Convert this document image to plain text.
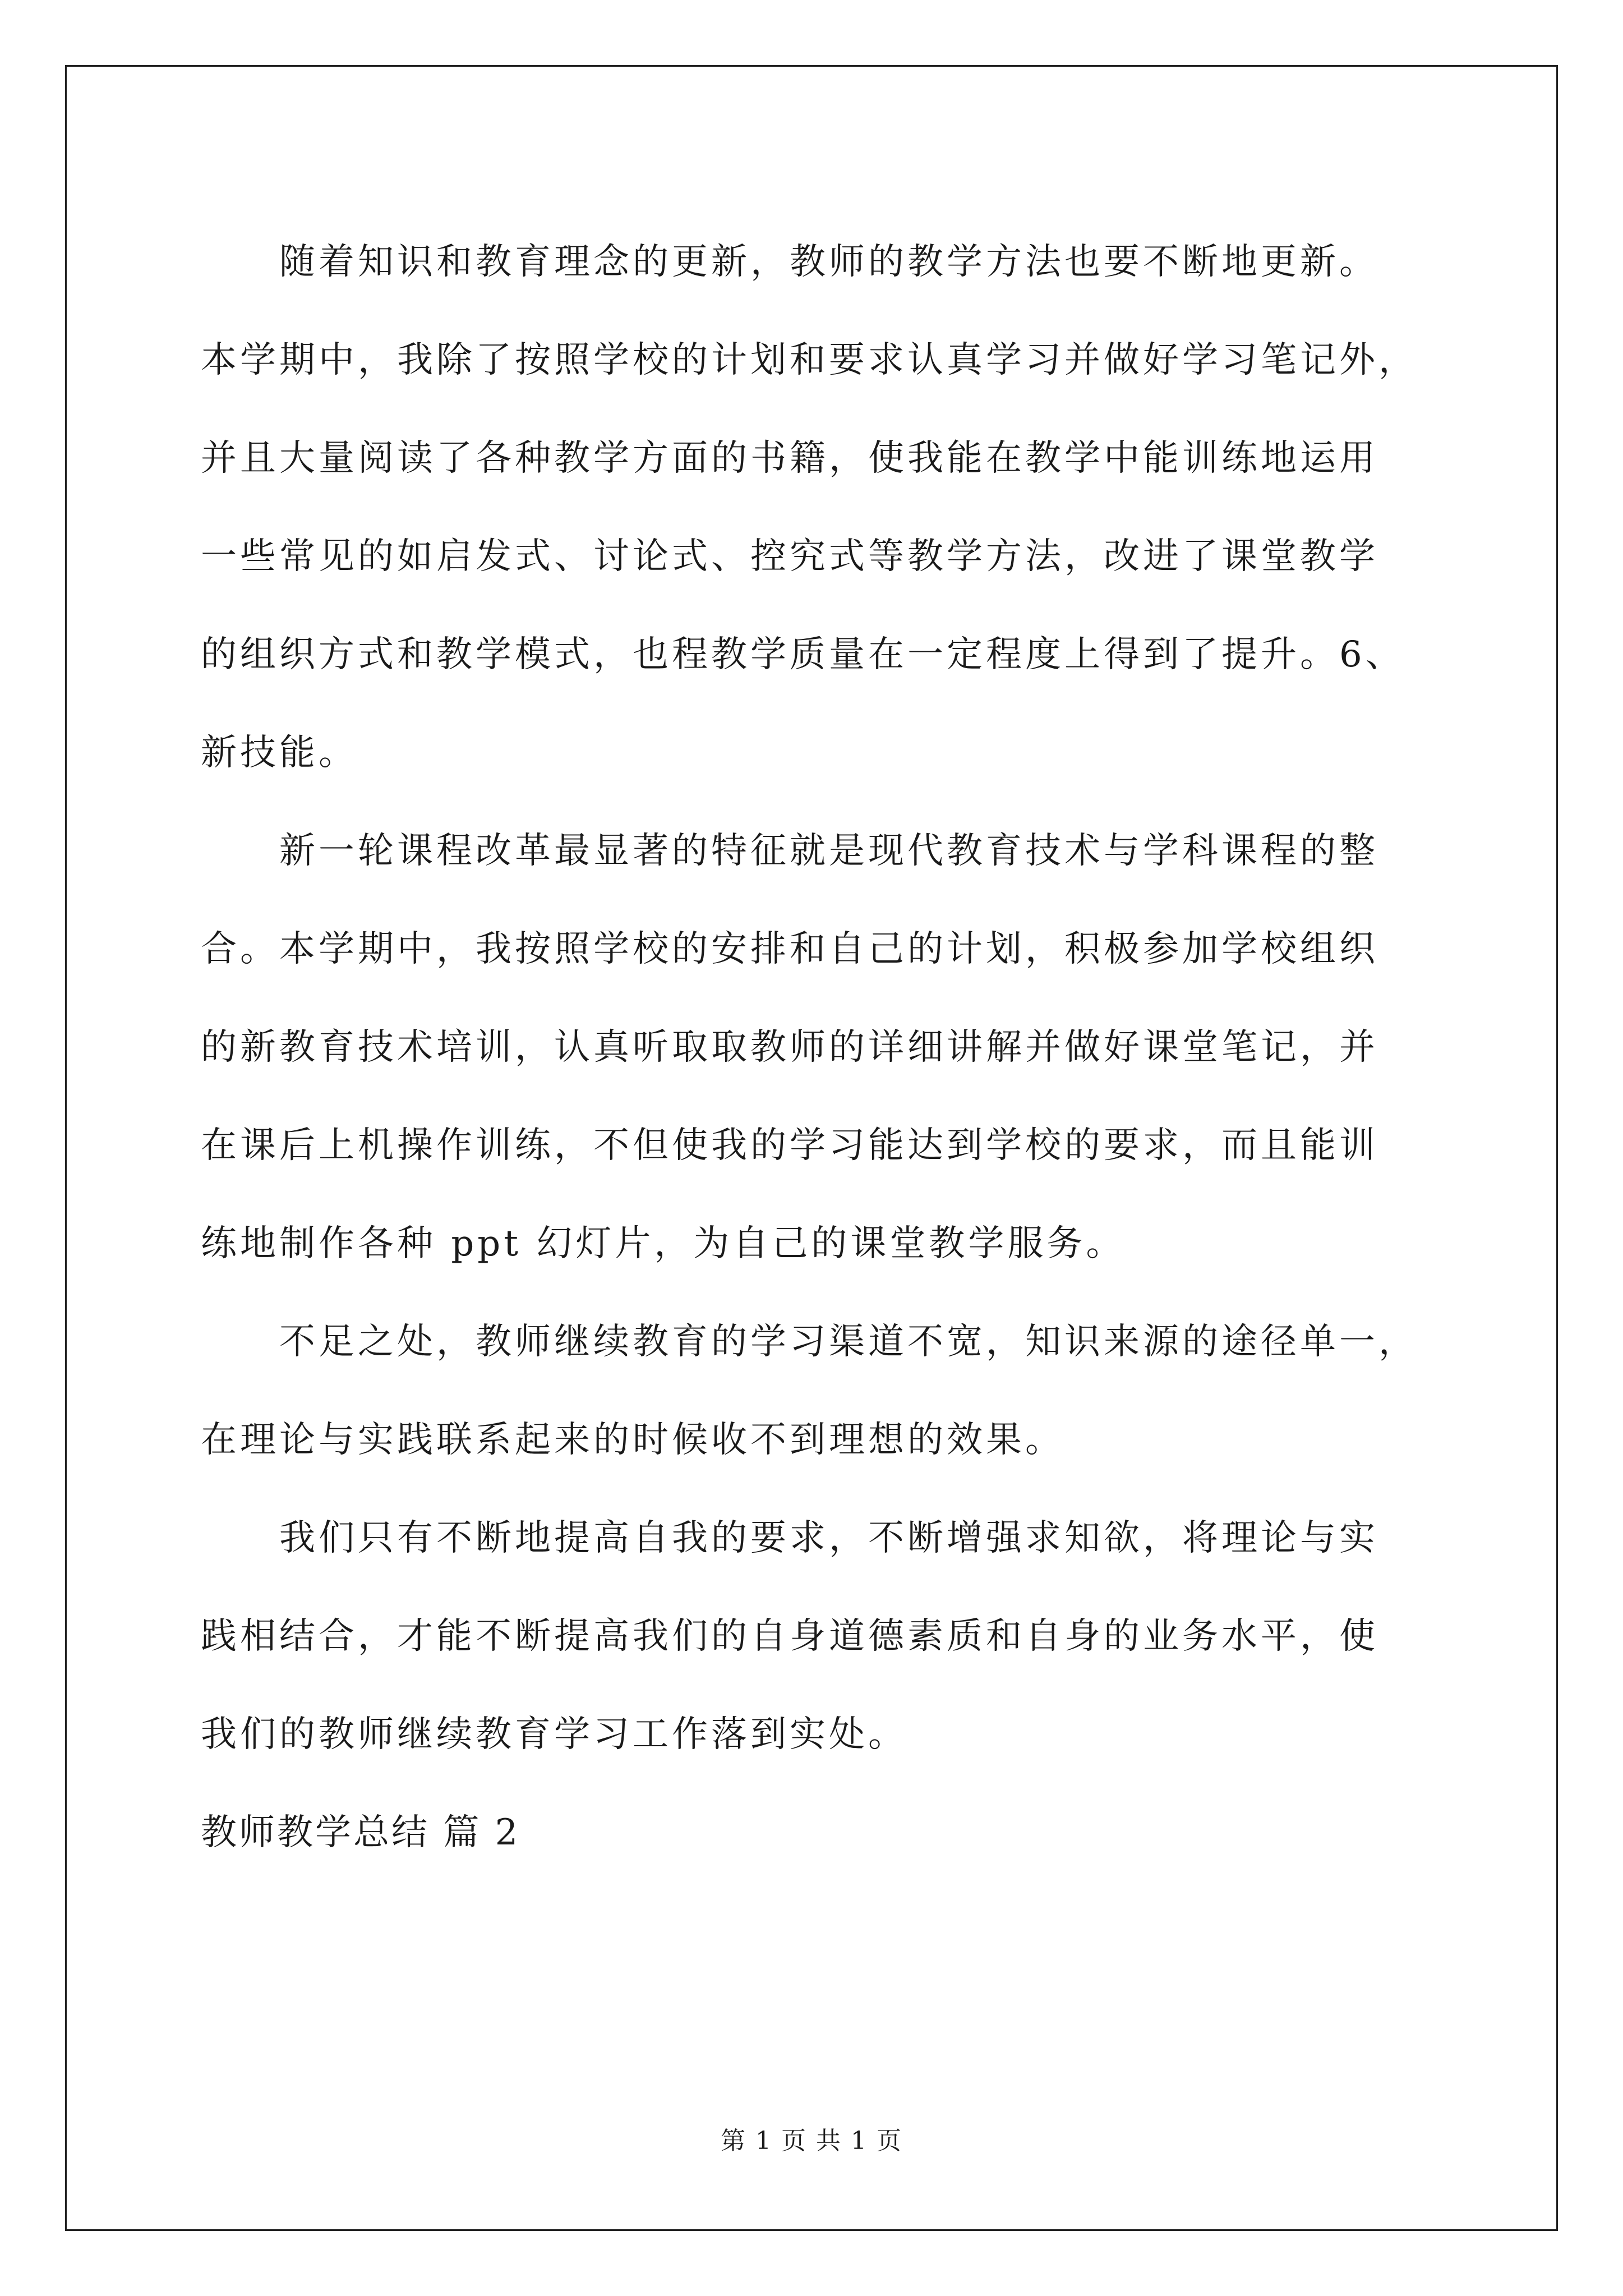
随着知识和教育理念的更新，教师的教学方法也要不断地更新。
本学期中，我除了按照学校的计划和要求认真学习并做好学习笔记外，
并且大量阅读了各种教学方面的书籍，使我能在教学中能训练地运用
一些常见的如启发式、讨论式、控究式等教学方法，改进了课堂教学
的组织方式和教学模式，也程教学质量在一定程度上得到了提升。6、
新技能。
新一轮课程改革最显著的特征就是现代教育技术与学科课程的整
合。本学期中，我按照学校的安排和自己的计划，积极参加学校组织
的新教育技术培训，认真听取取教师的详细讲解并做好课堂笔记，并
在课后上机操作训练，不但使我的学习能达到学校的要求，而且能训
练地制作各种 ppt 幻灯片，为自己的课堂教学服务。
不足之处，教师继续教育的学习渠道不宽，知识来源的途径单一，
在理论与实践联系起来的时候收不到理想的效果。
我们只有不断地提高自我的要求，不断增强求知欲，将理论与实
践相结合，才能不断提高我们的自身道德素质和自身的业务水平，使
我们的教师继续教育学习工作落到实处。
教师教学总结 篇 2
第 1 页 共 1 页
